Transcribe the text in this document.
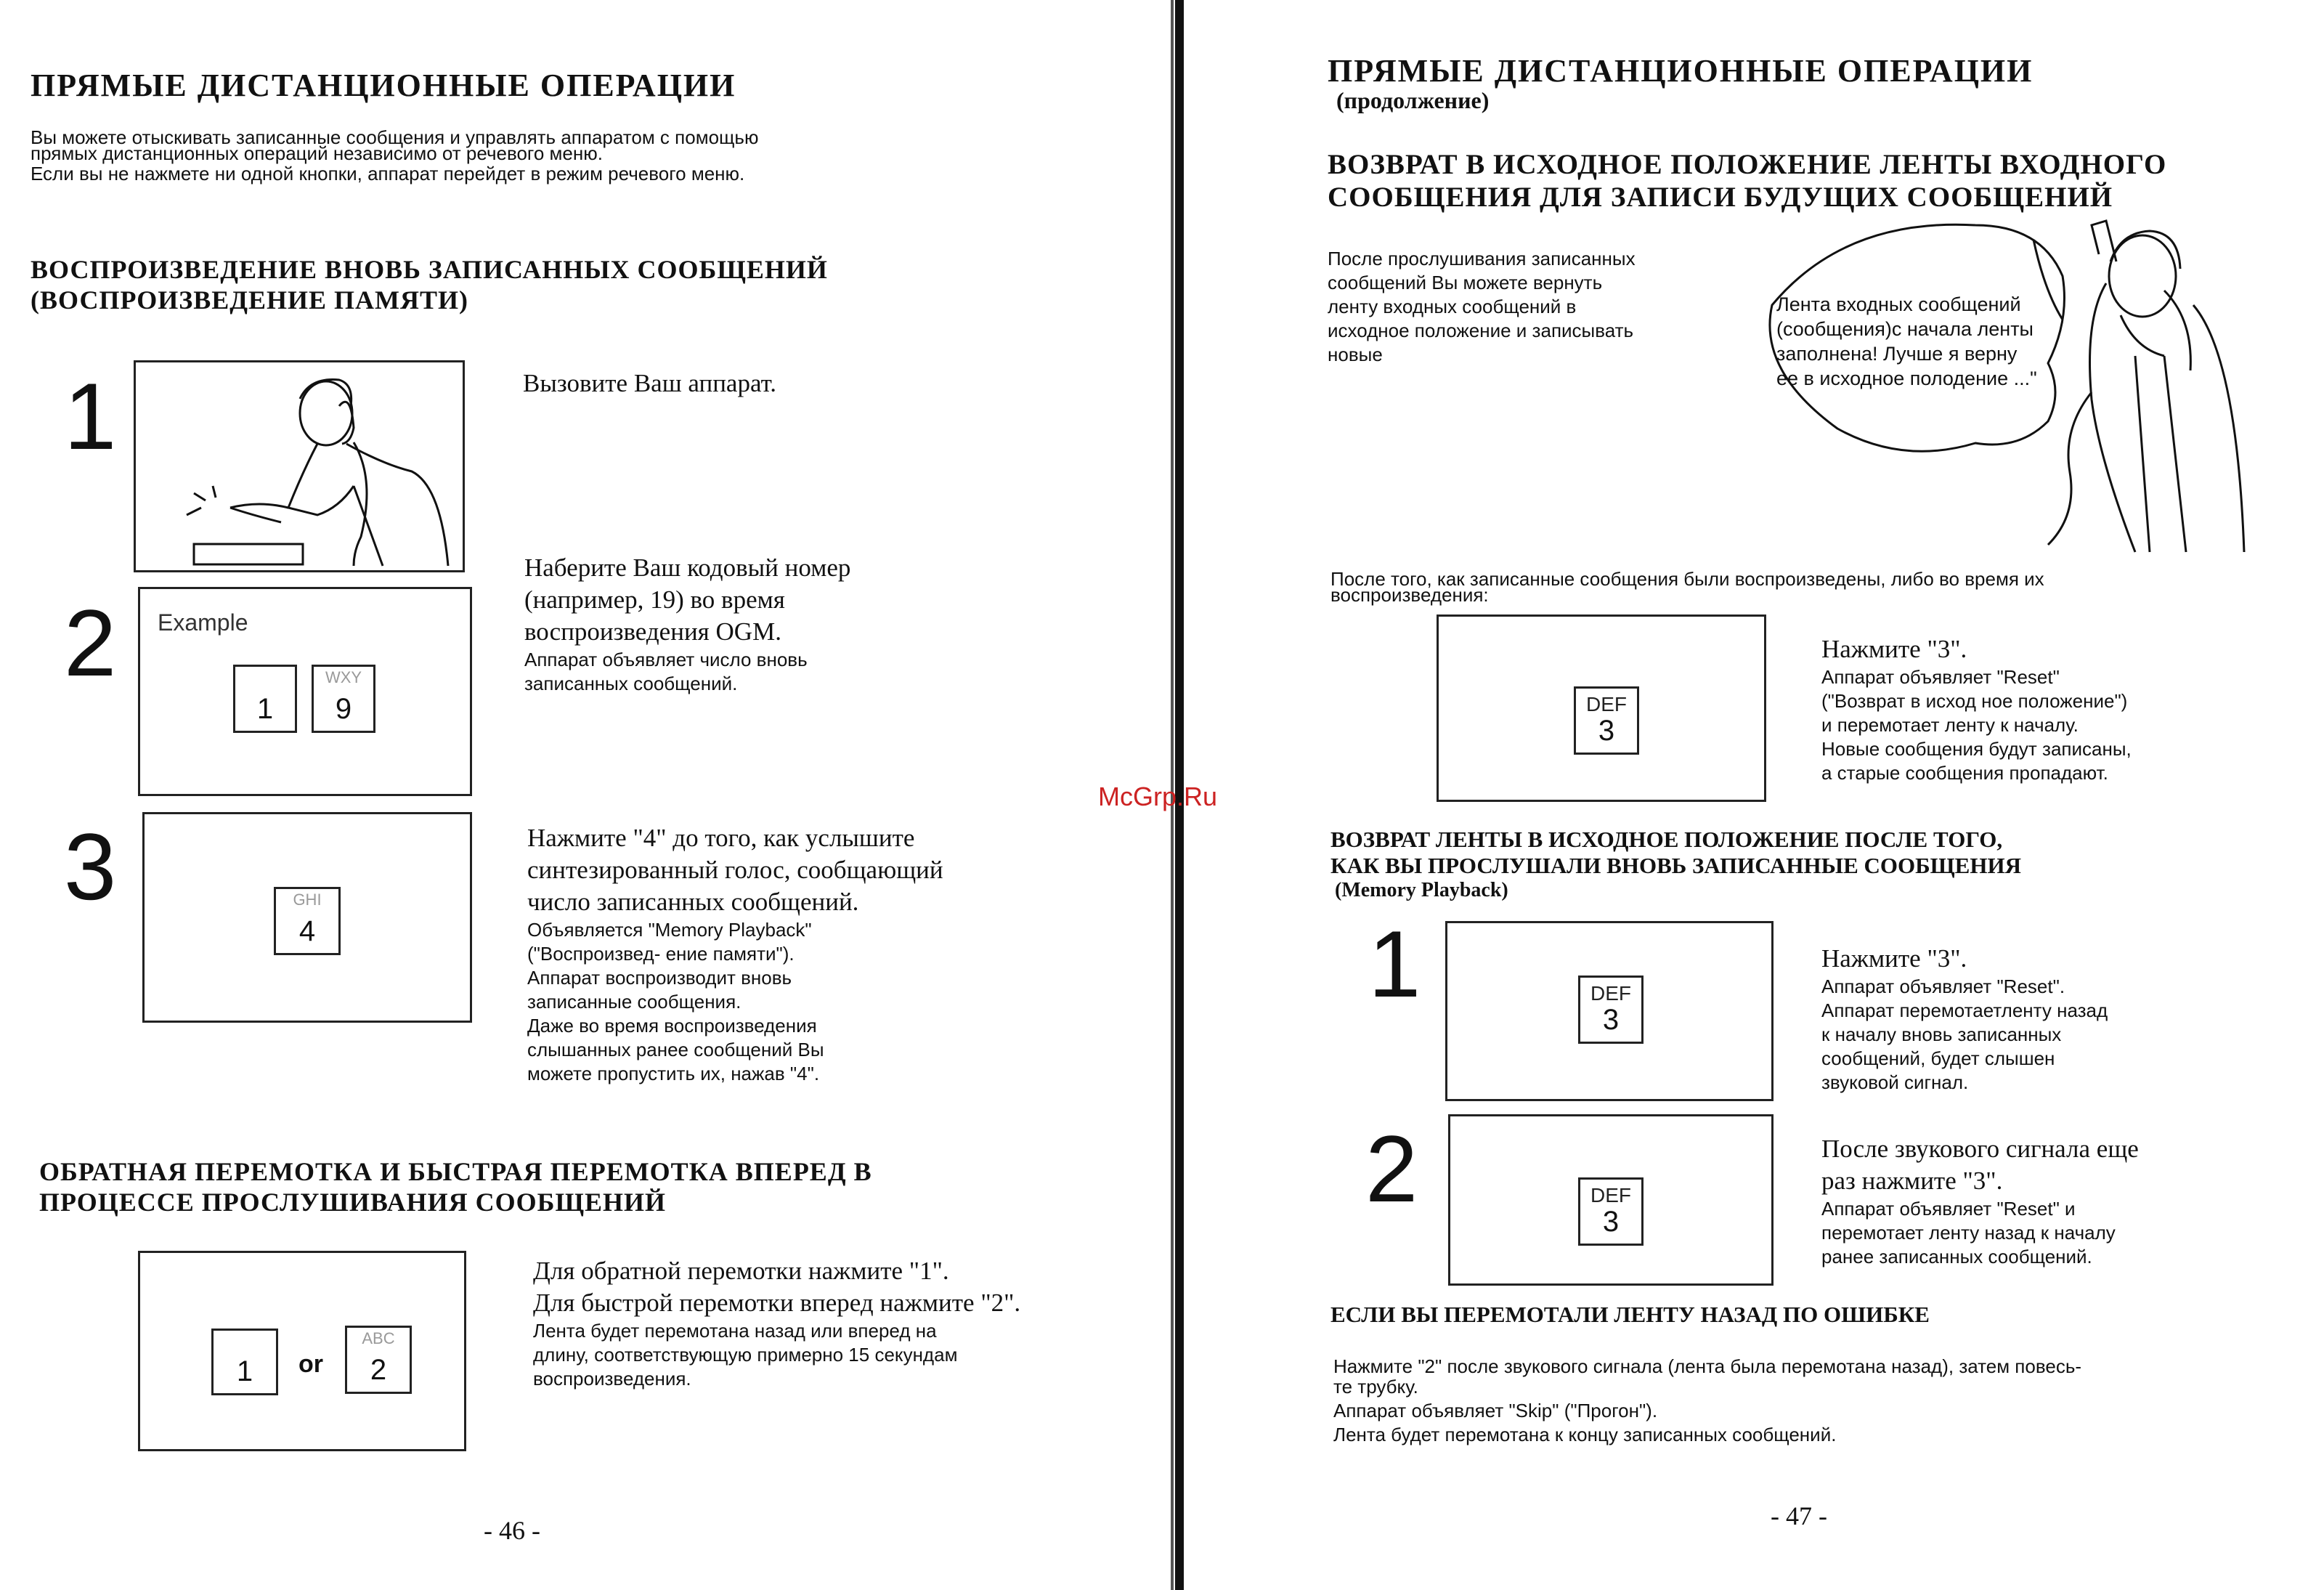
ПРЯМЫЕ ДИСТАНЦИОННЫЕ ОПЕРАЦИИ
Вы можете отыскивать записанные сообщения и управлять аппаратом с помощью
прямых дистанционных операций независимо от речевого меню.
Если вы не нажмете ни одной кнопки, аппарат перейдет в режим речевого меню.
ВОСПРОИЗВЕДЕНИЕ ВНОВЬ ЗАПИСАННЫХ СООБЩЕНИЙ
(ВОСПРОИЗВЕДЕНИЕ ПАМЯТИ)
1	Вызовите Ваш аппарат.
2 Example
1
WXY
9
Наберите Ваш кодовый номер
(например, 19) во время
воспроизведения OGM.
Аппарат объявляет число вновь
записанных сообщений.
3	GHI
4
Нажмите "4" до того, как услышите
синтезированный голос, сообщающий
число записанных сообщений.
Объявляется "Memory Playback"
("Воспроизвед- ение памяти").
Аппарат воспроизводит вновь
записанные сообщения.
Даже во время воспроизведения
слышанных ранее сообщений Вы
можете пропустить их, нажав "4".
ОБРАТНАЯ ПЕРЕМОТКА И БЫСТРАЯ ПЕРЕМОТКА ВПЕРЕД В
ПРОЦЕССЕ ПРОСЛУШИВАНИЯ СООБЩЕНИЙ
1 or
ABC
2
Для обратной перемотки нажмите "1".
Для быстрой перемотки вперед нажмите "2".
Лента будет перемотана назад или вперед на
длину, соответствующую примерно 15 секундам
воспроизведения.
- 46 -
ПРЯМЫЕ ДИСТАНЦИОННЫЕ ОПЕРАЦИИ
(продолжение)
ВОЗВРАТ В ИСХОДНОЕ ПОЛОЖЕНИЕ ЛЕНТЫ ВХОДНОГО
СООБЩЕНИЯ ДЛЯ ЗАПИСИ БУДУЩИХ СООБЩЕНИЙ
После прослушивания записанных
сообщений Вы можете вернуть
ленту входных сообщений в
исходное положение и записывать
новые
Лента входных сообщений
(сообщения)с начала ленты
заполнена! Лучше я верну
ее в исходное полодение ..."
После того, как записанные сообщения были воспроизведены, либо во время их
воспроизведения:
DEF
3
Нажмите "3".
Аппарат объявляет "Reset"
("Возврат в исход ное положение")
и перемотает ленту к началу.
Новые сообщения будут записаны,
а старые сообщения пропадают.
McGrp.Ru
ВОЗВРАТ ЛЕНТЫ В ИСХОДНОЕ ПОЛОЖЕНИЕ ПОСЛЕ ТОГО,
КАК ВЫ ПРОСЛУШАЛИ ВНОВЬ ЗАПИСАННЫЕ СООБЩЕНИЯ
(Memory Playback)
1	DEF
3
Нажмите "3".
Аппарат объявляет "Reset".
Аппарат перемотаетленту назад
к началу вновь записанных
сообщений, будет слышен
звуковой сигнал.
2	DEF
3
После звукового сигнала еще
раз нажмите "3".
Аппарат объявляет "Reset" и
перемотает ленту назад к началу
ранее записанных сообщений.
ЕСЛИ ВЫ ПЕРЕМОТАЛИ ЛЕНТУ НАЗАД ПО ОШИБКЕ
Нажмите "2" после звукового сигнала (лента была перемотана назад), затем повесь-
те трубку.
Аппарат объявляет "Skip" ("Прогон").
Лента будет перемотана к концу записанных сообщений.
- 47 -
